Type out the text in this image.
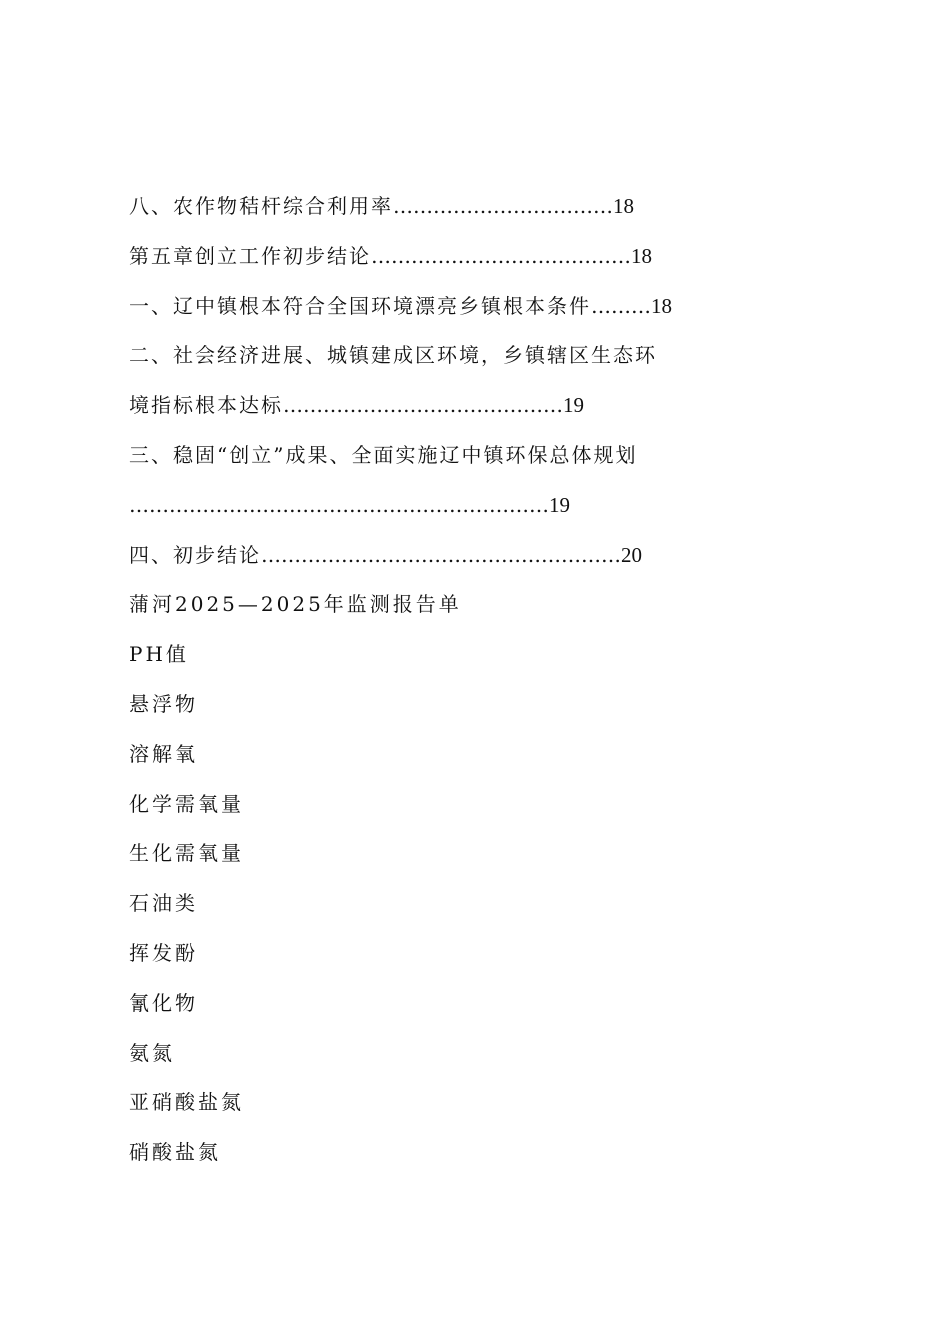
八、农作物秸杆综合利用率……………………………18
第五章创立工作初步结论…………………………………18
一、辽中镇根本符合全国环境漂亮乡镇根本条件………18
二、社会经济进展、城镇建成区环境，乡镇辖区生态环
境指标根本达标……………………………………19
三、稳固“创立”成果、全面实施辽中镇环保总体规划
………………………………………………………19
四、初步结论………………………………………………20
蒲河2025—2025年监测报告单
PH值
悬浮物
溶解氧
化学需氧量
生化需氧量
石油类
挥发酚
氰化物
氨氮
亚硝酸盐氮
硝酸盐氮
